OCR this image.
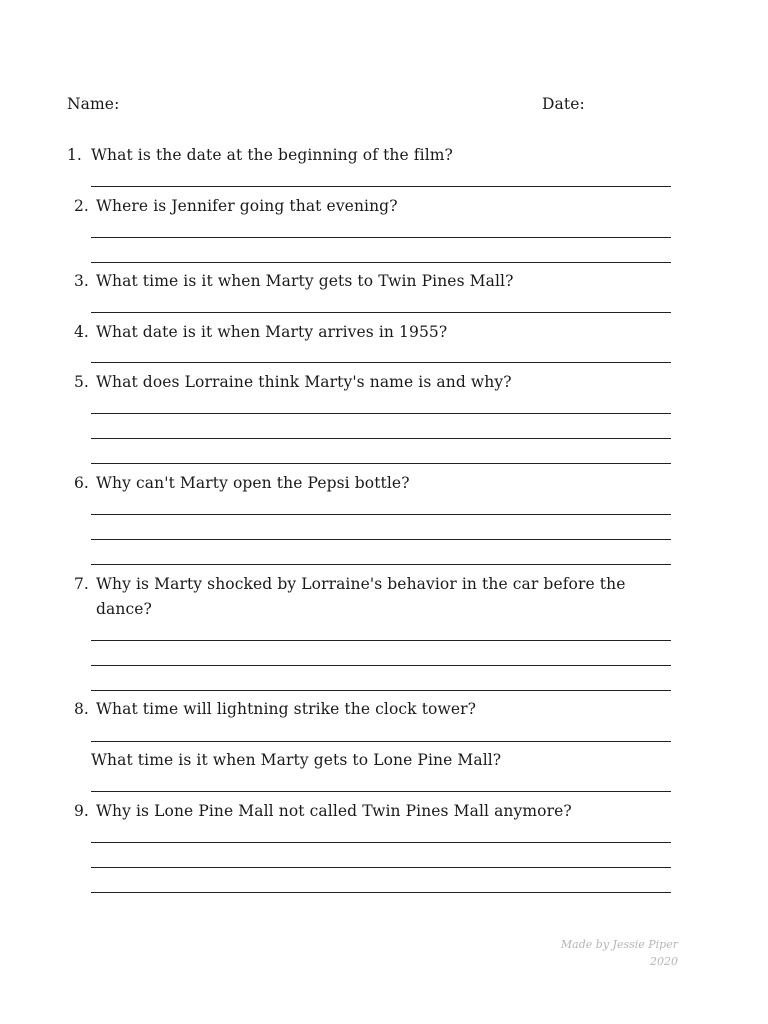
Name:	Date:
1. What is the date at the beginning of the film?
2. Where is Jennifer going that evening?
3. What time is it when Marty gets to Twin Pines Mall?
4. What date is it when Marty arrives in 1955?
5. What does Lorraine think Marty's name is and why?
6. Why can't Marty open the Pepsi bottle?
7. Why is Marty shocked by Lorraine's behavior in the car before the
dance?
8. What time will lightning strike the clock tower?
What time is it when Marty gets to Lone Pine Mall?
9. Why is Lone Pine Mall not called Twin Pines Mall anymore?
Made by Jessie Piper
2020
